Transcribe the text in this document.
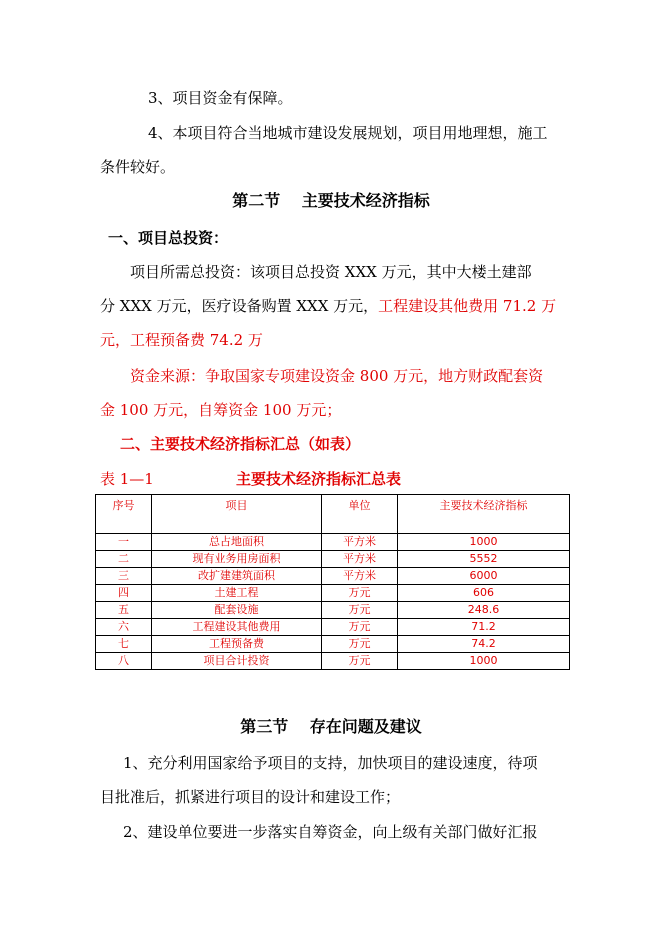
3、项目资金有保障。
4、本项目符合当地城市建设发展规划，项目用地理想，施工
条件较好。
第二节　 主要技术经济指标
一、项目总投资：
项目所需总投资：该项目总投资 XXX 万元，其中大楼土建部
分 XXX 万元，医疗设备购置 XXX 万元，工程建设其他费用 71.2 万
元，工程预备费 74.2 万
资金来源：争取国家专项建设资金 800 万元，地方财政配套资
金 100 万元，自筹资金 100 万元；
二、主要技术经济指标汇总（如表）
表 1—1	主要技术经济指标汇总表
序号	项目	单位	主要技术经济指标
一	总占地面积	平方米	1000
二	现有业务用房面积	平方米	5552
三	改扩建建筑面积	平方米	6000
四	土建工程	万元	606
五	配套设施	万元	248.6
六	工程建设其他费用	万元	71.2
七	工程预备费	万元	74.2
八	项目合计投资	万元	1000
第三节　 存在问题及建议
1、充分利用国家给予项目的支持，加快项目的建设速度，待项
目批准后，抓紧进行项目的设计和建设工作；
2、建设单位要进一步落实自筹资金，向上级有关部门做好汇报
